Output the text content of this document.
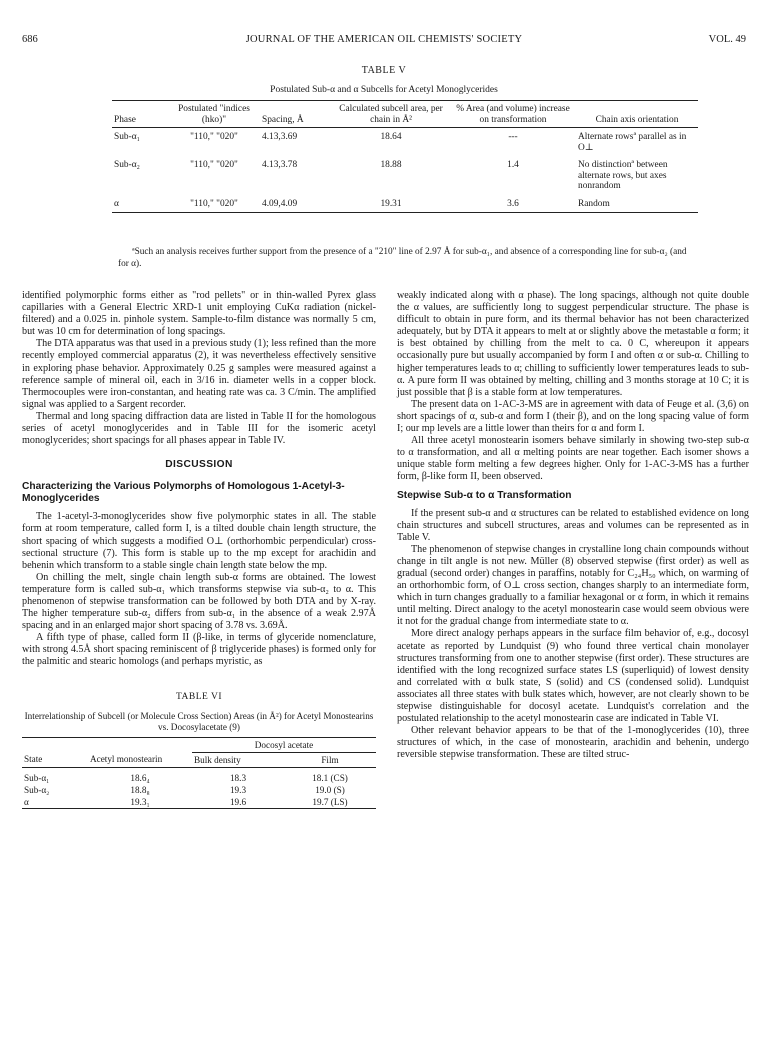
686	JOURNAL OF THE AMERICAN OIL CHEMISTS' SOCIETY	VOL. 49
TABLE V
Postulated Sub-α and α Subcells for Acetyl Monoglycerides
Phase	Postulated "indices (hko)"	Spacing, Å	Calculated subcell area, per chain in Å²	% Area (and volume) increase on transformation	Chain axis orientation
Sub-α₁	"110," "020"	4.13,3.69	18.64	---	Alternate rowsª parallel as in O⊥
Sub-α₂	"110," "020"	4.13,3.78	18.88	1.4	No distinctionª between alternate rows, but axes nonrandom
α	"110," "020"	4.09,4.09	19.31	3.6	Random
ªSuch an analysis receives further support from the presence of a "210" line of 2.97 Å for sub-α₁, and absence of a corresponding line for sub-α₂ (and for α).

identified polymorphic forms either as "rod pellets" or in thin-walled Pyrex glass capillaries with a General Electric XRD-1 unit employing CuKα radiation (nickel-filtered) and a 0.025 in. pinhole system. Sample-to-film distance was normally 5 cm, but was 10 cm for determination of long spacings.

The DTA apparatus was that used in a previous study (1); less refined than the more recently employed commercial apparatus (2), it was nevertheless effectively sensitive in exploring phase behavior. Approximately 0.25 g samples were measured against a reference sample of mineral oil, each in 3/16 in. diameter wells in a copper block. Thermocouples were iron-constantan, and heating rate was ca. 3 C/min. The amplified signal was applied to a Sargent recorder.

Thermal and long spacing diffraction data are listed in Table II for the homologous series of acetyl monoglycerides and in Table III for the isomeric acetyl monoglycerides; short spacings for all phases appear in Table IV.

DISCUSSION
Characterizing the Various Polymorphs of Homologous 1-Acetyl-3-Monoglycerides

The 1-acetyl-3-monoglycerides show five polymorphic states in all. The stable form at room temperature, called form I, is a tilted double chain length structure, the short spacing of which suggests a modified O⊥ (orthorhombic perpendicular) cross-sectional structure (7). This form is stable up to the mp except for arachidin and behenin which transform to a stable single chain length state below the mp.

On chilling the melt, single chain length sub-α forms are obtained. The lowest temperature form is called sub-α₁ which transforms stepwise via sub-α₂ to α. This phenomenon of stepwise transformation can be followed by both DTA and by X-ray. The higher temperature sub-α₂ differs from sub-α₁ in the absence of a weak 2.97Å spacing and in an enlarged major short spacing of 3.78 vs. 3.69Å.

A fifth type of phase, called form II (β-like, in terms of glyceride nomenclature, with strong 4.5Å short spacing reminiscent of β triglyceride phases) is formed only for the palmitic and stearic homologs (and perhaps myristic, as

TABLE VI
Interrelationship of Subcell (or Molecule Cross Section) Areas (in Å²) for Acetyl Monostearins vs. Docosylacetate (9)
		Docosyl acetate	
State	Acetyl monostearin	Bulk density	Film
Sub-α₁	18.6₄	18.3	18.1 (CS)
Sub-α₂	18.8₈	19.3	19.0 (S)
α	19.3₁	19.6	19.7 (LS)

weakly indicated along with α phase). The long spacings, although not quite double the α values, are sufficiently long to suggest perpendicular structure. The phase is difficult to obtain in pure form, and its thermal behavior has not been characterized adequately, but by DTA it appears to melt at or slightly above the metastable α form; it is best obtained by chilling from the melt to ca. 0 C, whereupon it appears occasionally pure but usually accompanied by form I and often α or sub-α. Chilling to higher temperatures leads to α; chilling to sufficiently lower temperatures leads to sub-α. A pure form II was obtained by melting, chilling and 3 months storage at 10 C; it is just possible that β is a stable form at low temperatures.

The present data on 1-AC-3-MS are in agreement with data of Feuge et al. (3,6) on short spacings of α, sub-α and form I (their β), and on the long spacing value of form I; our mp levels are a little lower than theirs for α and form I.

All three acetyl monostearin isomers behave similarly in showing two-step sub-α to α transformation, and all α melting points are near together. Each isomer shows a unique stable form melting a few degrees higher. Only for 1-AC-3-MS has a further form, β-like form II, been observed.

Stepwise Sub-α to α Transformation

If the present sub-α and α structures can be related to established evidence on long chain structures and subcell structures, areas and volumes can be represented as in Table V.

The phenomenon of stepwise changes in crystalline long chain compounds without change in tilt angle is not new. Müller (8) observed stepwise (first order) as well as gradual (second order) changes in paraffins, notably for C₂₄H₅₀ which, on warming of an orthorhombic form, of O⊥ cross section, changes sharply to an intermediate form, which in turn changes gradually to a familiar hexagonal or α form, in which it remains until melting. Direct analogy to the acetyl monostearin case would seem obvious were it not for the gradual change from intermediate state to α.

More direct analogy perhaps appears in the surface film behavior of, e.g., docosyl acetate as reported by Lundquist (9) who found three vertical chain monolayer structures transforming from one to another stepwise (first order). These structures are identified with the long recognized surface states LS (superliquid) of lowest density and correlated with α bulk state, S (solid) and CS (condensed solid). Lundquist associates all three states with bulk states which, however, are not clearly shown to be stepwise distinguishable for docosyl acetate. Lundquist's correlation and the postulated relationship to the acetyl monostearin case are indicated in Table VI.

Other relevant behavior appears to be that of the 1-monoglycerides (10), three structures of which, in the case of monostearin, arachidin and behenin, undergo reversible stepwise transformation. These are tilted struc-
